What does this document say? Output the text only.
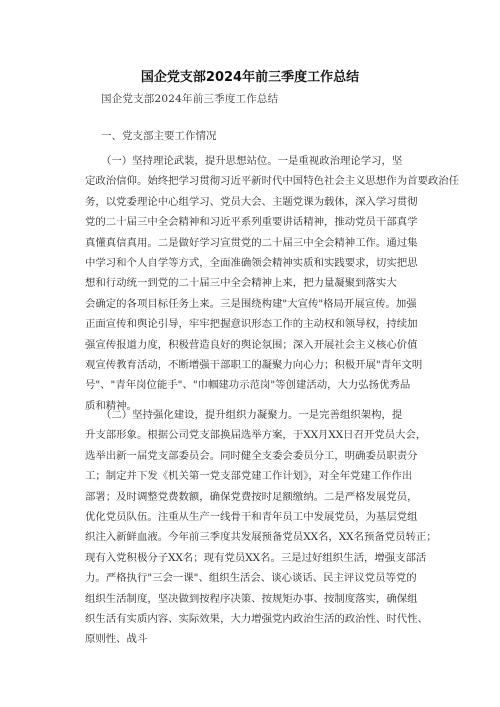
国企党支部2024年前三季度工作总结
国企党支部2024年前三季度工作总结
一、党支部主要工作情况
（一）坚持理论武装，提升思想站位。一是重视政治理论学习，坚
定政治信仰。始终把学习贯彻习近平新时代中国特色社会主义思想作为首要政治任
务，以党委理论中心组学习、党员大会、主题党课为载体，深入学习贯彻
党的二十届三中全会精神和习近平系列重要讲话精神，推动党员干部真学
真懂真信真用。二是做好学习宣贯党的二十届三中全会精神工作。通过集
中学习和个人自学等方式，全面准确领会精神实质和实践要求，切实把思
想和行动统一到党的二十届三中全会精神上来，把力量凝聚到落实大
会确定的各项目标任务上来。三是围绕构建"大宣传"格局开展宣传。加强
正面宣传和舆论引导，牢牢把握意识形态工作的主动权和领导权，持续加
强宣传报道力度，积极营造良好的舆论氛围；深入开展社会主义核心价值
观宣传教育活动，不断增强干部职工的凝聚力向心力；积极开展"青年文明
号"、"青年岗位能手"、"巾帼建功示范岗"等创建活动，大力弘扬优秀品
质和精神。
（二）坚持强化建设，提升组织力凝聚力。一是完善组织架构，提
升支部形象。根据公司党支部换届选举方案，于XX月XX日召开党员大会，
选举出新一届党支部委员会。同时健全支委会委员分工，明确委员职责分
工；制定并下发《机关第一党支部党建工作计划》，对全年党建工作作出
部署；及时调整党费数额，确保党费按时足额缴纳。二是严格发展党员，
优化党员队伍。注重从生产一线骨干和青年员工中发展党员，为基层党组
织注入新鲜血液。今年前三季度共发展预备党员XX名，XX名预备党员转正；
现有入党积极分子XX名；现有党员XX名。三是过好组织生活，增强支部活
力。严格执行"三会一课"、组织生活会、谈心谈话、民主评议党员等党的
组织生活制度，坚决做到按程序决策、按规矩办事、按制度落实，确保组
织生活有实质内容、实际效果，大力增强党内政治生活的政治性、时代性、
原则性、战斗
